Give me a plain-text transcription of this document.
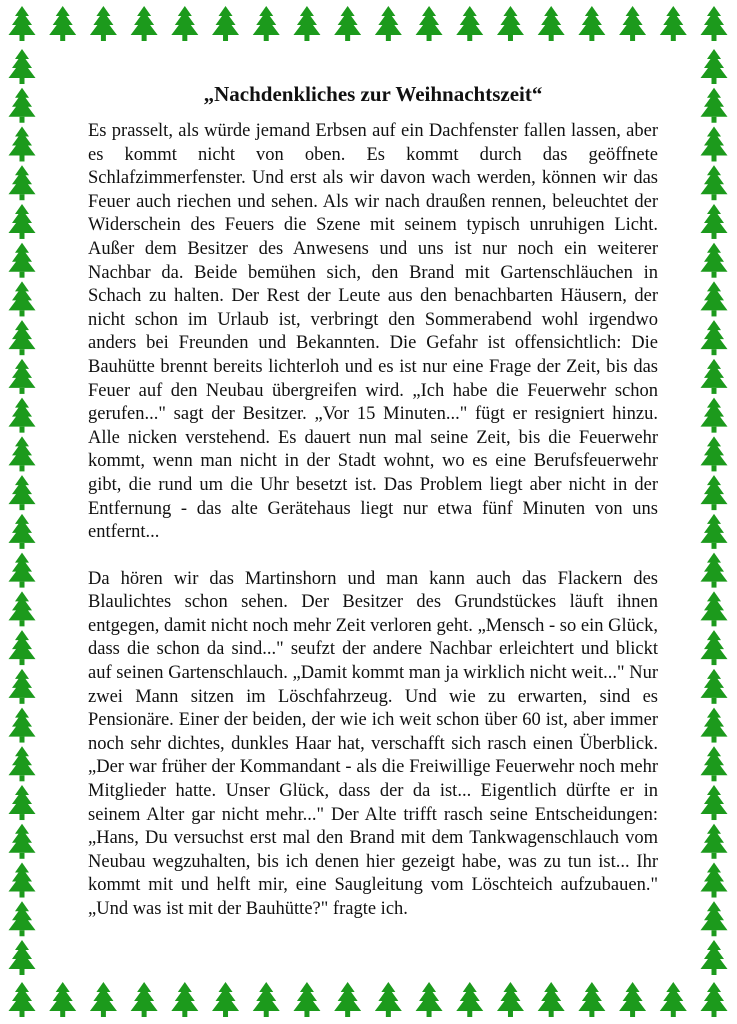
„Nachdenkliches zur Weihnachtszeit“

Es prasselt, als würde jemand Erbsen auf ein Dachfenster fallen lassen, aber es kommt nicht von oben. Es kommt durch das geöffnete Schlafzimmerfenster. Und erst als wir davon wach werden, können wir das Feuer auch riechen und sehen. Als wir nach draußen rennen, beleuchtet der Widerschein des Feuers die Szene mit seinem typisch unruhigen Licht. Außer dem Besitzer des Anwesens und uns ist nur noch ein weiterer Nachbar da. Beide bemühen sich, den Brand mit Gartenschläuchen in Schach zu halten. Der Rest der Leute aus den benachbarten Häusern, der nicht schon im Urlaub ist, verbringt den Sommerabend wohl irgendwo anders bei Freunden und Bekannten. Die Gefahr ist offensichtlich: Die Bauhütte brennt bereits lichterloh und es ist nur eine Frage der Zeit, bis das Feuer auf den Neubau übergreifen wird. „Ich habe die Feuerwehr schon gerufen..." sagt der Besitzer. „Vor 15 Minuten..." fügt er resigniert hinzu. Alle nicken verstehend. Es dauert nun mal seine Zeit, bis die Feuerwehr kommt, wenn man nicht in der Stadt wohnt, wo es eine Berufsfeuerwehr gibt, die rund um die Uhr besetzt ist. Das Problem liegt aber nicht in der Entfernung - das alte Gerätehaus liegt nur etwa fünf Minuten von uns entfernt...

Da hören wir das Martinshorn und man kann auch das Flackern des Blaulichtes schon sehen. Der Besitzer des Grundstückes läuft ihnen entgegen, damit nicht noch mehr Zeit verloren geht. „Mensch - so ein Glück, dass die schon da sind..." seufzt der andere Nachbar erleichtert und blickt auf seinen Gartenschlauch. „Damit kommt man ja wirklich nicht weit..." Nur zwei Mann sitzen im Löschfahrzeug. Und wie zu erwarten, sind es Pensionäre. Einer der beiden, der wie ich weit schon über 60 ist, aber immer noch sehr dichtes, dunkles Haar hat, verschafft sich rasch einen Überblick. „Der war früher der Kommandant - als die Freiwillige Feuerwehr noch mehr Mitglieder hatte. Unser Glück, dass der da ist... Eigentlich dürfte er in seinem Alter gar nicht mehr..." Der Alte trifft rasch seine Entscheidungen: „Hans, Du versuchst erst mal den Brand mit dem Tankwagenschlauch vom Neubau wegzuhalten, bis ich denen hier gezeigt habe, was zu tun ist... Ihr kommt mit und helft mir, eine Saugleitung vom Löschteich aufzubauen." „Und was ist mit der Bauhütte?" fragte ich.
